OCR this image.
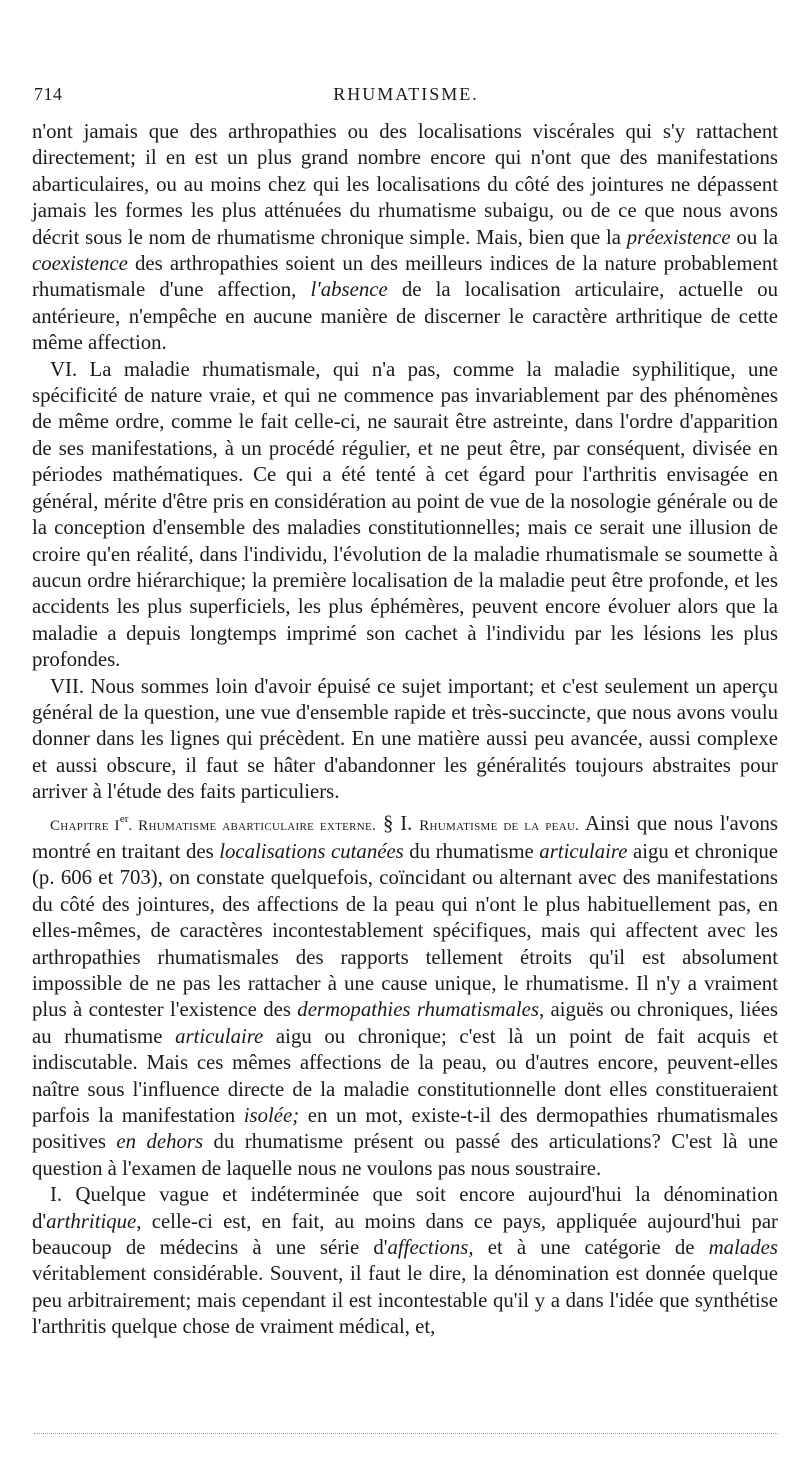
714	RHUMATISME.

n'ont jamais que des arthropathies ou des localisations viscérales qui s'y rattachent directement; il en est un plus grand nombre encore qui n'ont que des manifestations abarticulaires, ou au moins chez qui les localisations du côté des jointures ne dépassent jamais les formes les plus atténuées du rhumatisme subaigu, ou de ce que nous avons décrit sous le nom de rhumatisme chronique simple. Mais, bien que la préexistence ou la coexistence des arthropathies soient un des meilleurs indices de la nature probablement rhumatismale d'une affection, l'absence de la localisation articulaire, actuelle ou antérieure, n'empêche en aucune manière de discerner le caractère arthritique de cette même affection.

VI. La maladie rhumatismale, qui n'a pas, comme la maladie syphilitique, une spécificité de nature vraie, et qui ne commence pas invariablement par des phénomènes de même ordre, comme le fait celle-ci, ne saurait être astreinte, dans l'ordre d'apparition de ses manifestations, à un procédé régulier, et ne peut être, par conséquent, divisée en périodes mathématiques. Ce qui a été tenté à cet égard pour l'arthritis envisagée en général, mérite d'être pris en considération au point de vue de la nosologie générale ou de la conception d'ensemble des maladies constitutionnelles; mais ce serait une illusion de croire qu'en réalité, dans l'individu, l'évolution de la maladie rhumatismale se soumette à aucun ordre hiérarchique; la première localisation de la maladie peut être profonde, et les accidents les plus superficiels, les plus éphémères, peuvent encore évoluer alors que la maladie a depuis longtemps imprimé son cachet à l'individu par les lésions les plus profondes.

VII. Nous sommes loin d'avoir épuisé ce sujet important; et c'est seulement un aperçu général de la question, une vue d'ensemble rapide et très-succincte, que nous avons voulu donner dans les lignes qui précèdent. En une matière aussi peu avancée, aussi complexe et aussi obscure, il faut se hâter d'abandonner les généralités toujours abstraites pour arriver à l'étude des faits particuliers.

Chapitre Ier. Rhumatisme abarticulaire externe. § I. Rhumatisme de la peau. Ainsi que nous l'avons montré en traitant des localisations cutanées du rhumatisme articulaire aigu et chronique (p. 606 et 703), on constate quelquefois, coïncidant ou alternant avec des manifestations du côté des jointures, des affections de la peau qui n'ont le plus habituellement pas, en elles-mêmes, de caractères incontestablement spécifiques, mais qui affectent avec les arthropathies rhumatismales des rapports tellement étroits qu'il est absolument impossible de ne pas les rattacher à une cause unique, le rhumatisme. Il n'y a vraiment plus à contester l'existence des dermopathies rhumatismales, aiguës ou chroniques, liées au rhumatisme articulaire aigu ou chronique; c'est là un point de fait acquis et indiscutable. Mais ces mêmes affections de la peau, ou d'autres encore, peuvent-elles naître sous l'influence directe de la maladie constitutionnelle dont elles constitueraient parfois la manifestation isolée; en un mot, existe-t-il des dermopathies rhumatismales positives en dehors du rhumatisme présent ou passé des articulations? C'est là une question à l'examen de laquelle nous ne voulons pas nous soustraire.

I. Quelque vague et indéterminée que soit encore aujourd'hui la dénomination d'arthritique, celle-ci est, en fait, au moins dans ce pays, appliquée aujourd'hui par beaucoup de médecins à une série d'affections, et à une catégorie de malades véritablement considérable. Souvent, il faut le dire, la dénomination est donnée quelque peu arbitrairement; mais cependant il est incontestable qu'il y a dans l'idée que synthétise l'arthritis quelque chose de vraiment médical, et,
